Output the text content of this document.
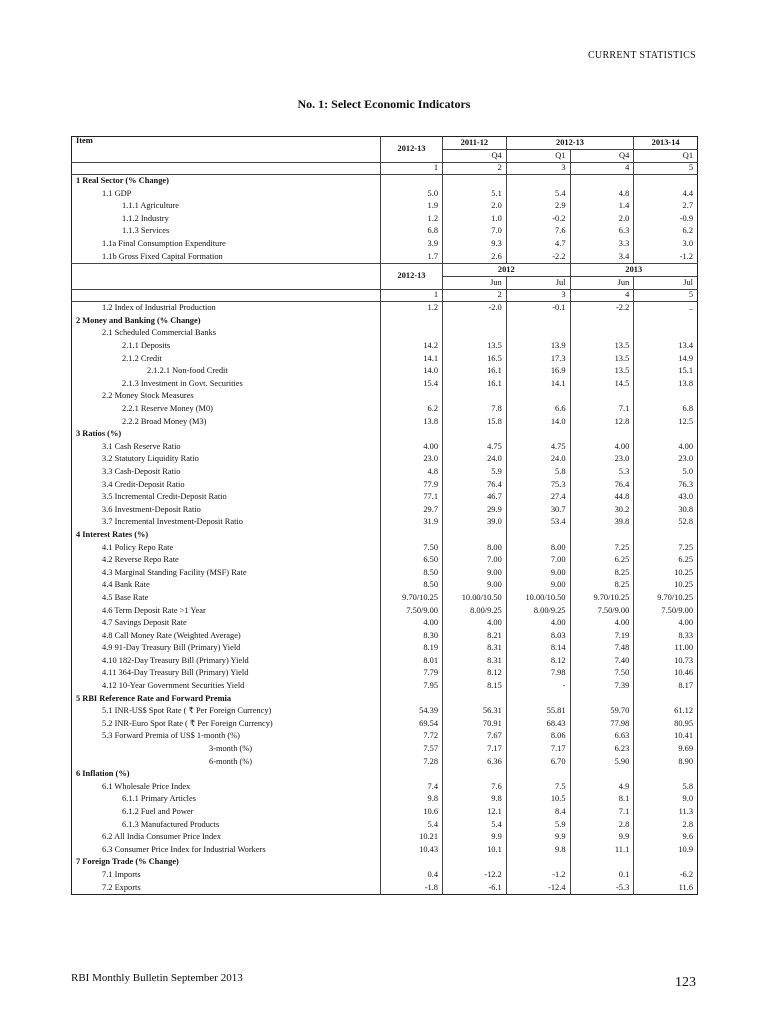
CURRENT STATISTICS
No. 1: Select Economic Indicators
Item	2012-13	2011-12	2012-13		2013-14
		Q4	Q1	Q4	Q1
	1	2	3	4	5
1 Real Sector (% Change)					
1.1 GDP	5.0	5.1	5.4	4.8	4.4
1.1.1 Agriculture	1.9	2.0	2.9	1.4	2.7
1.1.2 Industry	1.2	1.0	-0.2	2.0	-0.9
1.1.3 Services	6.8	7.0	7.6	6.3	6.2
1.1a Final Consumption Expenditure	3.9	9.3	4.7	3.3	3.0
1.1b Gross Fixed Capital Formation	1.7	2.6	-2.2	3.4	-1.2
	2012-13	2012		2013	
		Jun	Jul	Jun	Jul
	1	2	3	4	5
1.2 Index of Industrial Production	1.2	-2.0	-0.1	-2.2	..
2 Money and Banking (% Change)					
2.1 Scheduled Commercial Banks					
2.1.1 Deposits	14.2	13.5	13.9	13.5	13.4
2.1.2 Credit	14.1	16.5	17.3	13.5	14.9
2.1.2.1 Non-food Credit	14.0	16.1	16.9	13.5	15.1
2.1.3 Investment in Govt. Securities	15.4	16.1	14.1	14.5	13.8
2.2 Money Stock Measures					
2.2.1 Reserve Money (M0)	6.2	7.8	6.6	7.1	6.8
2.2.2 Broad Money (M3)	13.8	15.8	14.0	12.8	12.5
3 Ratios (%)					
3.1 Cash Reserve Ratio	4.00	4.75	4.75	4.00	4.00
3.2 Statutory Liquidity Ratio	23.0	24.0	24.0	23.0	23.0
3.3 Cash-Deposit Ratio	4.8	5.9	5.8	5.3	5.0
3.4 Credit-Deposit Ratio	77.9	76.4	75.3	76.4	76.3
3.5 Incremental Credit-Deposit Ratio	77.1	46.7	27.4	44.8	43.0
3.6 Investment-Deposit Ratio	29.7	29.9	30.7	30.2	30.8
3.7 Incremental Investment-Deposit Ratio	31.9	39.0	53.4	39.8	52.8
4 Interest Rates (%)					
4.1 Policy Repo Rate	7.50	8.00	8.00	7.25	7.25
4.2 Reverse Repo Rate	6.50	7.00	7.00	6.25	6.25
4.3 Marginal Standing Facility (MSF) Rate	8.50	9.00	9.00	8.25	10.25
4.4 Bank Rate	8.50	9.00	9.00	8.25	10.25
4.5 Base Rate	9.70/10.25	10.00/10.50	10.00/10.50	9.70/10.25	9.70/10.25
4.6 Term Deposit Rate >1 Year	7.50/9.00	8.00/9.25	8.00/9.25	7.50/9.00	7.50/9.00
4.7 Savings Deposit Rate	4.00	4.00	4.00	4.00	4.00
4.8 Call Money Rate (Weighted Average)	8.30	8.21	8.03	7.19	8.33
4.9 91-Day Treasury Bill (Primary) Yield	8.19	8.31	8.14	7.48	11.00
4.10 182-Day Treasury Bill (Primary) Yield	8.01	8.31	8.12	7.40	10.73
4.11 364-Day Treasury Bill (Primary) Yield	7.79	8.12	7.98	7.50	10.46
4.12 10-Year Government Securities Yield	7.95	8.15	-	7.39	8.17
5 RBI Reference Rate and Forward Premia					
5.1 INR-US$ Spot Rate ( ₹ Per Foreign Currency)	54.39	56.31	55.81	59.70	61.12
5.2 INR-Euro Spot Rate ( ₹ Per Foreign Currency)	69.54	70.91	68.43	77.98	80.95
5.3 Forward Premia of US$ 1-month (%)	7.72	7.67	8.06	6.63	10.41
3-month (%)	7.57	7.17	7.17	6.23	9.69
6-month (%)	7.28	6.36	6.70	5.90	8.90
6 Inflation (%)					
6.1 Wholesale Price Index	7.4	7.6	7.5	4.9	5.8
6.1.1 Primary Articles	9.8	9.8	10.5	8.1	9.0
6.1.2 Fuel and Power	10.6	12.1	8.4	7.1	11.3
6.1.3 Manufactured Products	5.4	5.4	5.9	2.8	2.8
6.2 All India Consumer Price Index	10.21	9.9	9.9	9.9	9.6
6.3 Consumer Price Index for Industrial Workers	10.43	10.1	9.8	11.1	10.9
7 Foreign Trade (% Change)					
7.1 Imports	0.4	-12.2	-1.2	0.1	-6.2
7.2 Exports	-1.8	-6.1	-12.4	-5.3	11.6
RBI Monthly Bulletin September 2013	123
